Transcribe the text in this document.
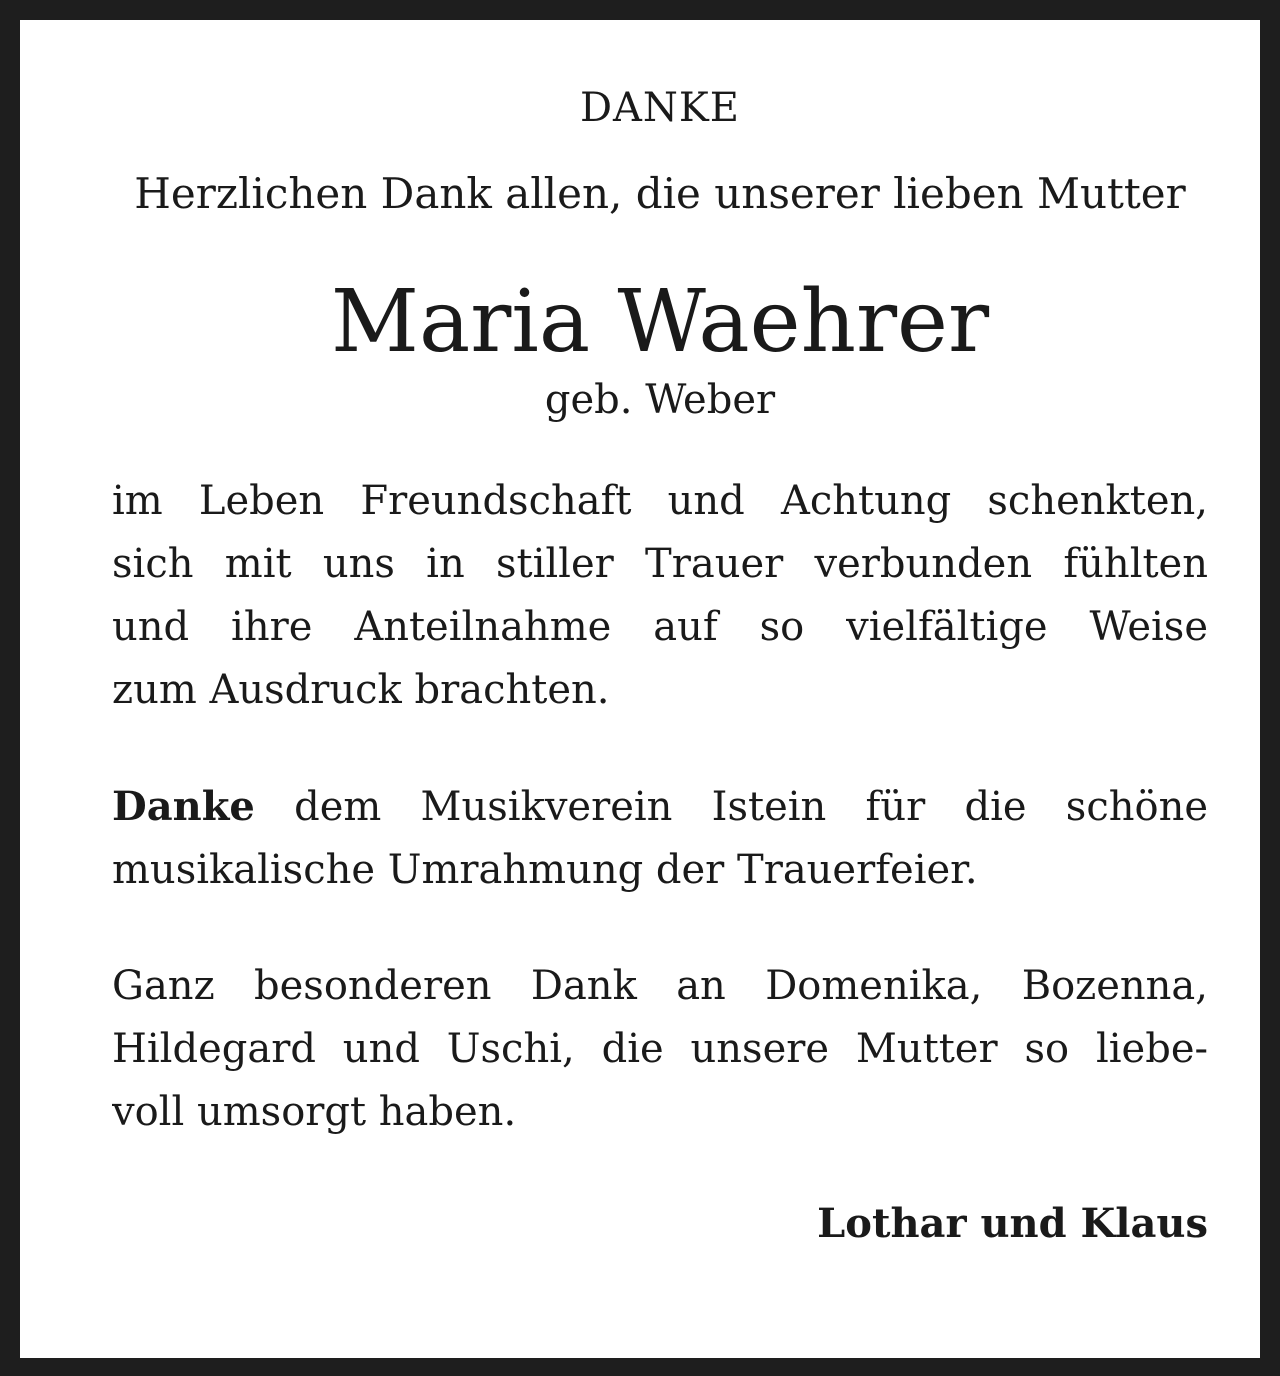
DANKE
Herzlichen Dank allen, die unserer lieben Mutter
Maria Waehrer
geb. Weber
im Leben Freundschaft und Achtung schenkten,
sich mit uns in stiller Trauer verbunden fühlten
und ihre Anteilnahme auf so vielfältige Weise
zum Ausdruck brachten.
Danke dem Musikverein Istein für die schöne
musikalische Umrahmung der Trauerfeier.
Ganz besonderen Dank an Domenika, Bozenna,
Hildegard und Uschi, die unsere Mutter so liebe-
voll umsorgt haben.
Lothar und Klaus
